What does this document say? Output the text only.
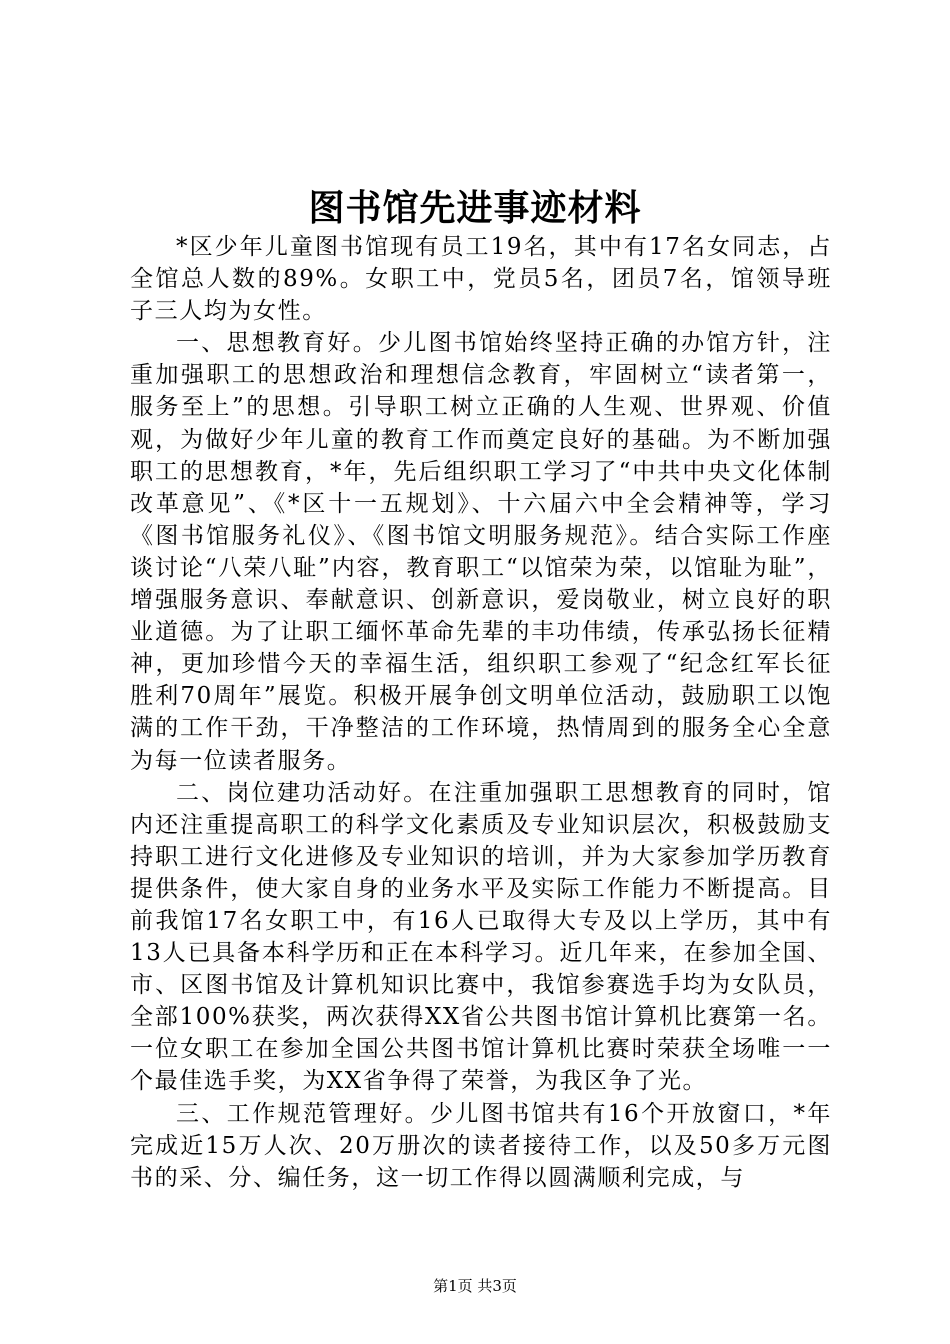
图书馆先进事迹材料

*区少年儿童图书馆现有员工19名，其中有17名女同志，占全馆总人数的89%。女职工中，党员5名，团员7名，馆领导班子三人均为女性。

一、思想教育好。少儿图书馆始终坚持正确的办馆方针，注重加强职工的思想政治和理想信念教育，牢固树立“读者第一，服务至上”的思想。引导职工树立正确的人生观、世界观、价值观，为做好少年儿童的教育工作而奠定良好的基础。为不断加强职工的思想教育，*年，先后组织职工学习了“中共中央文化体制改革意见”、《*区十一五规划》、十六届六中全会精神等，学习《图书馆服务礼仪》、《图书馆文明服务规范》。结合实际工作座谈讨论“八荣八耻”内容，教育职工“以馆荣为荣，以馆耻为耻”，增强服务意识、奉献意识、创新意识，爱岗敬业，树立良好的职业道德。为了让职工缅怀革命先辈的丰功伟绩，传承弘扬长征精神，更加珍惜今天的幸福生活，组织职工参观了“纪念红军长征胜利70周年”展览。积极开展争创文明单位活动，鼓励职工以饱满的工作干劲，干净整洁的工作环境，热情周到的服务全心全意为每一位读者服务。

二、岗位建功活动好。在注重加强职工思想教育的同时，馆内还注重提高职工的科学文化素质及专业知识层次，积极鼓励支持职工进行文化进修及专业知识的培训，并为大家参加学历教育提供条件，使大家自身的业务水平及实际工作能力不断提高。目前我馆17名女职工中，有16人已取得大专及以上学历，其中有13人已具备本科学历和正在本科学习。近几年来，在参加全国、市、区图书馆及计算机知识比赛中，我馆参赛选手均为女队员，全部100%获奖，两次获得XX省公共图书馆计算机比赛第一名。一位女职工在参加全国公共图书馆计算机比赛时荣获全场唯一一个最佳选手奖，为XX省争得了荣誉，为我区争了光。

三、工作规范管理好。少儿图书馆共有16个开放窗口，*年完成近15万人次、20万册次的读者接待工作，以及50多万元图书的采、分、编任务，这一切工作得以圆满顺利完成，与

第1页 共3页
